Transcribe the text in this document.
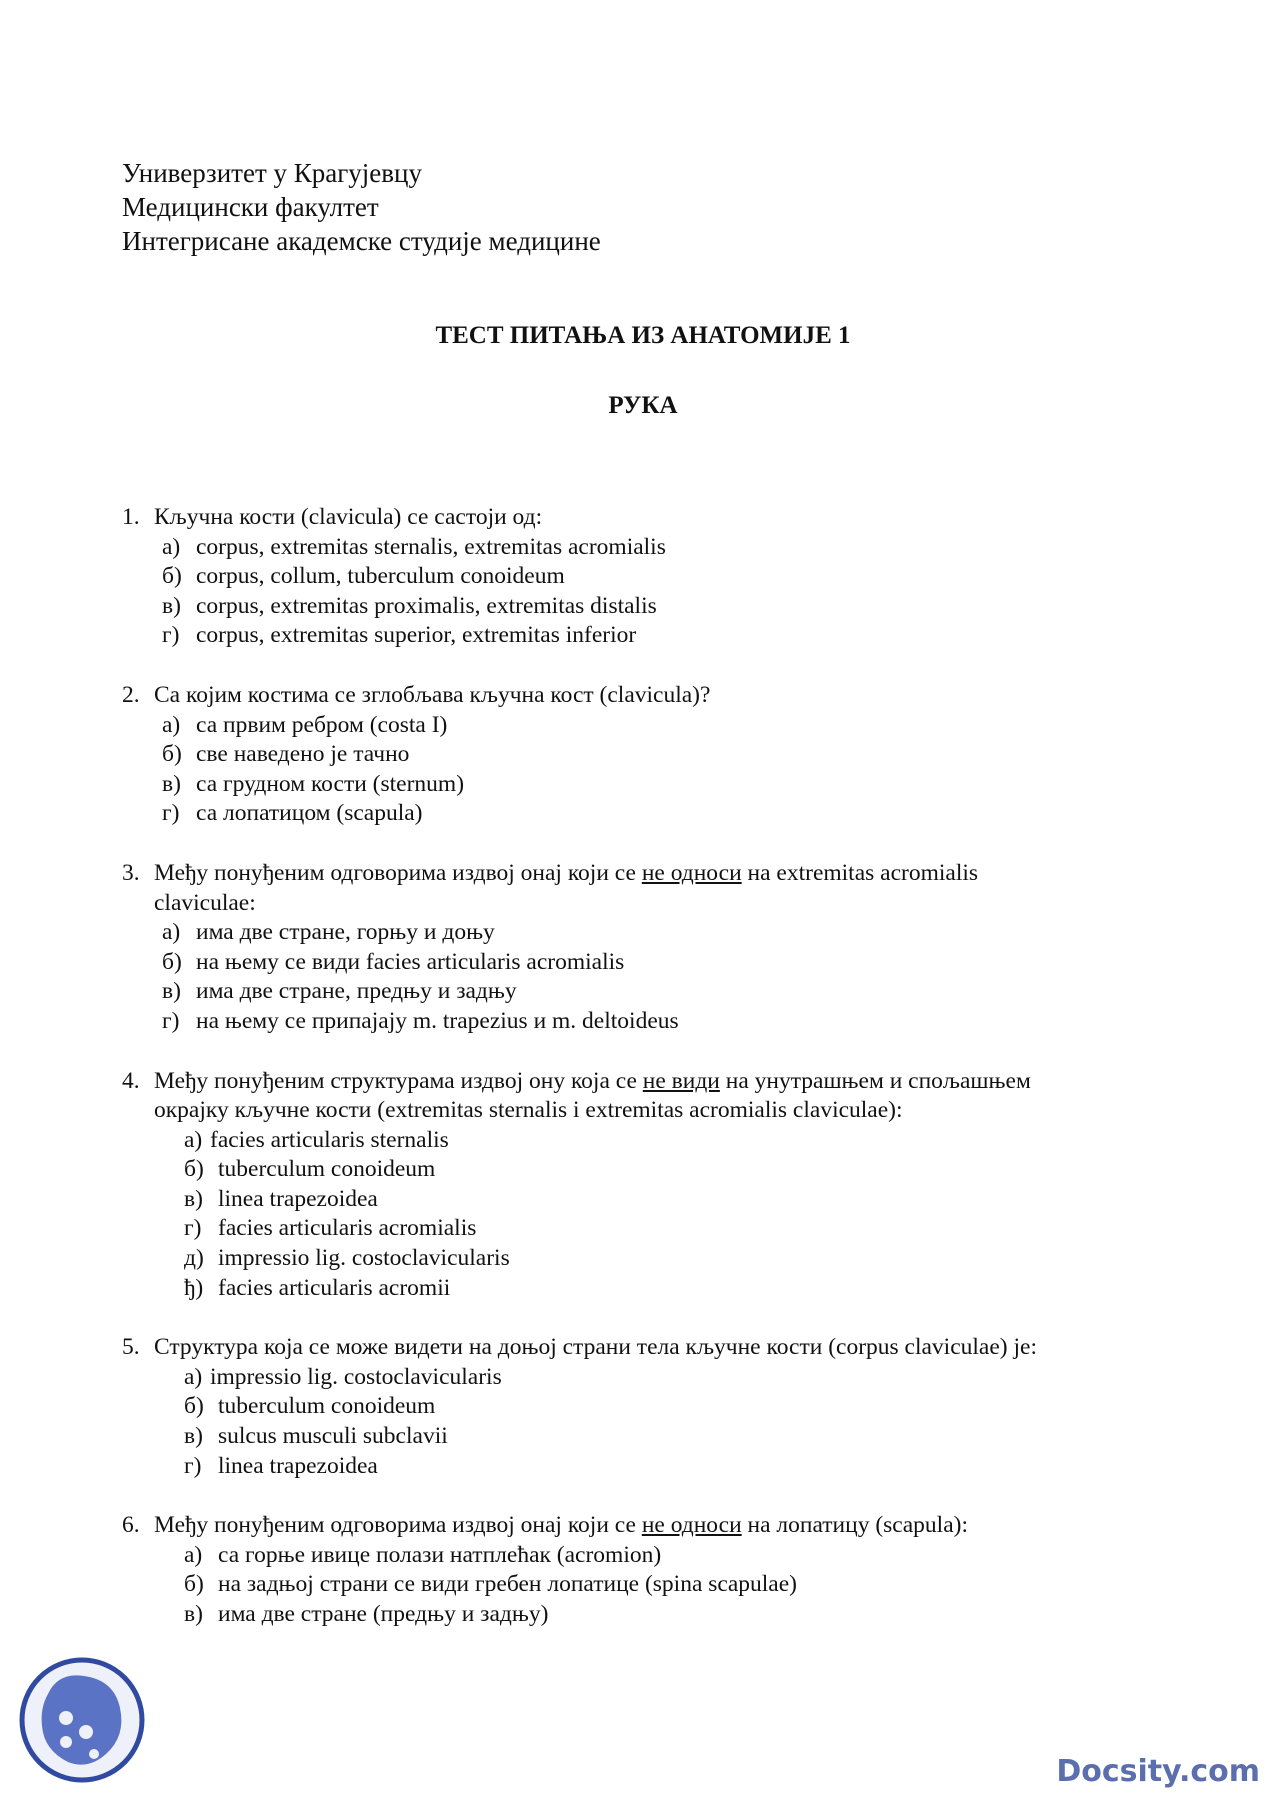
Универзитет у Крагујевцу
Медицински факултет
Интегрисане академске студије медицине
ТЕСТ ПИТАЊА ИЗ АНАТОМИЈЕ 1
РУКА
1. Кључна кости (clavicula) се састоји од:
а) corpus, extremitas sternalis, extremitas acromialis
б) corpus, collum, tuberculum conoideum
в) corpus, extremitas proximalis, extremitas distalis
г) corpus, extremitas superior, extremitas inferior
2. Са којим костима се зглобљава кључна кост (clavicula)?
а) са првим ребром (costa I)
б) све наведено је тачно
в) са грудном кости (sternum)
г) са лопатицом (scapula)
3. Међу понуђеним одговорима издвој онај који се не односи на extremitas acromialis
claviculae:
а) има две стране, горњу и доњу
б) на њему се види facies articularis acromialis
в) има две стране, предњу и задњу
г) на њему се припајају m. trapezius и m. deltoideus
4. Међу понуђеним структурама издвој ону која се не види на унутрашњем и спољашњем
окрајку кључне кости (extremitas sternalis i extremitas acromialis claviculae):
а) facies articularis sternalis
б) tuberculum conoideum
в) linea trapezoidea
г) facies articularis acromialis
д) impressio lig. costoclavicularis
ђ) facies articularis acromii
5. Структура која се може видети на доњој страни тела кључне кости (corpus claviculae) је:
а) impressio lig. costoclavicularis
б) tuberculum conoideum
в) sulcus musculi subclavii
г) linea trapezoidea
6. Међу понуђеним одговорима издвој онај који се не односи на лопатицу (scapula):
а) са горње ивице полази натплећак (acromion)
б) на задњој страни се види гребен лопатице (spina scapulae)
в) има две стране (предњу и задњу)
Docsity.com
